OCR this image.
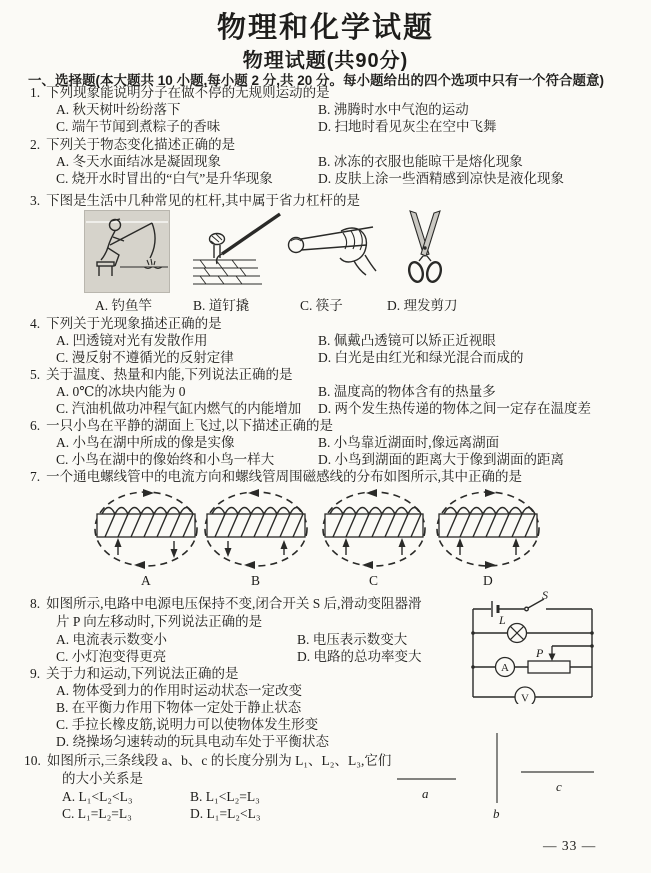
物理和化学试题
物理试题(共90分)
一、选择题(本大题共 10 小题,每小题 2 分,共 20 分。每小题给出的四个选项中只有一个符合题意)
1. 下列现象能说明分子在做不停的无规则运动的是
A. 秋天树叶纷纷落下	B. 沸腾时水中气泡的运动
C. 端午节闻到煮粽子的香味	D. 扫地时看见灰尘在空中飞舞
2. 下列关于物态变化描述正确的是
A. 冬天水面结冰是凝固现象	B. 冰冻的衣服也能晾干是熔化现象
C. 烧开水时冒出的“白气”是升华现象	D. 皮肤上涂一些酒精感到凉快是液化现象
3. 下图是生活中几种常见的杠杆,其中属于省力杠杆的是
A. 钓鱼竿	B. 道钉撬	C. 筷子	D. 理发剪刀
4. 下列关于光现象描述正确的是
A. 凹透镜对光有发散作用	B. 佩戴凸透镜可以矫正近视眼
C. 漫反射不遵循光的反射定律	D. 白光是由红光和绿光混合而成的
5. 关于温度、热量和内能,下列说法正确的是
A. 0℃的冰块内能为 0	B. 温度高的物体含有的热量多
C. 汽油机做功冲程气缸内燃气的内能增加 D. 两个发生热传递的物体之间一定存在温度差
6. 一只小鸟在平静的湖面上飞过,以下描述正确的是
A. 小鸟在湖中所成的像是实像	B. 小鸟靠近湖面时,像远离湖面
C. 小鸟在湖中的像始终和小鸟一样大	D. 小鸟到湖面的距离大于像到湖面的距离
7. 一个通电螺线管中的电流方向和螺线管周围磁感线的分布如图所示,其中正确的是
A	B	C	D
8. 如图所示,电路中电源电压保持不变,闭合开关 S 后,滑动变阻器滑
片 P 向左移动时,下列说法正确的是
A. 电流表示数变小	B. 电压表示数变大
C. 小灯泡变得更亮	D. 电路的总功率变大
A
V
S
L
P
9. 关于力和运动,下列说法正确的是
A. 物体受到力的作用时运动状态一定改变
B. 在平衡力作用下物体一定处于静止状态
C. 手拉长橡皮筋,说明力可以使物体发生形变
D. 绕操场匀速转动的玩具电动车处于平衡状态
10. 如图所示,三条线段 a、b、c 的长度分别为 L₁、L₂、L₃,它们
的大小关系是
A. L₁<L₂<L₃	B. L₁<L₂=L₃
C. L₁=L₂=L₃	D. L₁=L₂<L₃
a
b
c
— 33 —
